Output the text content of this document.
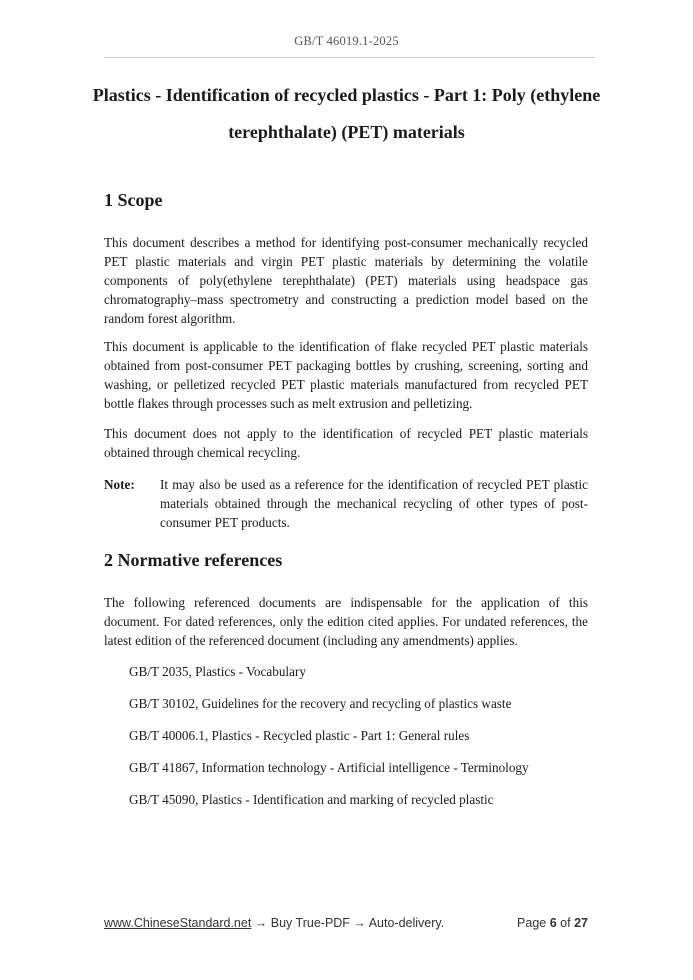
GB/T 46019.1-2025
Plastics - Identification of recycled plastics - Part 1: Poly (ethylene terephthalate) (PET) materials
1 Scope

This document describes a method for identifying post-consumer mechanically recycled PET plastic materials and virgin PET plastic materials by determining the volatile components of poly(ethylene terephthalate) (PET) materials using headspace gas chromatography–mass spectrometry and constructing a prediction model based on the random forest algorithm.

This document is applicable to the identification of flake recycled PET plastic materials obtained from post-consumer PET packaging bottles by crushing, screening, sorting and washing, or pelletized recycled PET plastic materials manufactured from recycled PET bottle flakes through processes such as melt extrusion and pelletizing.

This document does not apply to the identification of recycled PET plastic materials obtained through chemical recycling.

Note: It may also be used as a reference for the identification of recycled PET plastic materials obtained through the mechanical recycling of other types of post-consumer PET products.
2 Normative references

The following referenced documents are indispensable for the application of this document. For dated references, only the edition cited applies. For undated references, the latest edition of the referenced document (including any amendments) applies.

GB/T 2035, Plastics - Vocabulary

GB/T 30102, Guidelines for the recovery and recycling of plastics waste

GB/T 40006.1, Plastics - Recycled plastic - Part 1: General rules

GB/T 41867, Information technology - Artificial intelligence - Terminology

GB/T 45090, Plastics - Identification and marking of recycled plastic

www.ChineseStandard.net → Buy True-PDF → Auto-delivery.	Page 6 of 27
